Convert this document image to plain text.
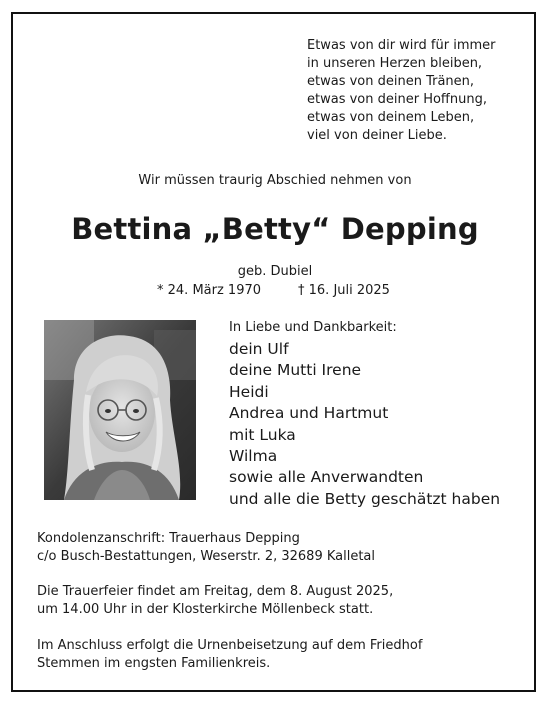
Etwas von dir wird für immer
in unseren Herzen bleiben,
etwas von deinen Tränen,
etwas von deiner Hoffnung,
etwas von deinem Leben,
viel von deiner Liebe.
Wir müssen traurig Abschied nehmen von
Bettina „Betty“ Depping
geb. Dubiel
* 24. März 1970	† 16. Juli 2025
In Liebe und Dankbarkeit:
dein Ulf
deine Mutti Irene
Heidi
Andrea und Hartmut
mit Luka
Wilma
sowie alle Anverwandten
und alle die Betty geschätzt haben
Kondolenzanschrift: Trauerhaus Depping
c/o Busch-Bestattungen, Weserstr. 2, 32689 Kalletal
Die Trauerfeier findet am Freitag, dem 8. August 2025,
um 14.00 Uhr in der Klosterkirche Möllenbeck statt.
Im Anschluss erfolgt die Urnenbeisetzung auf dem Friedhof
Stemmen im engsten Familienkreis.
